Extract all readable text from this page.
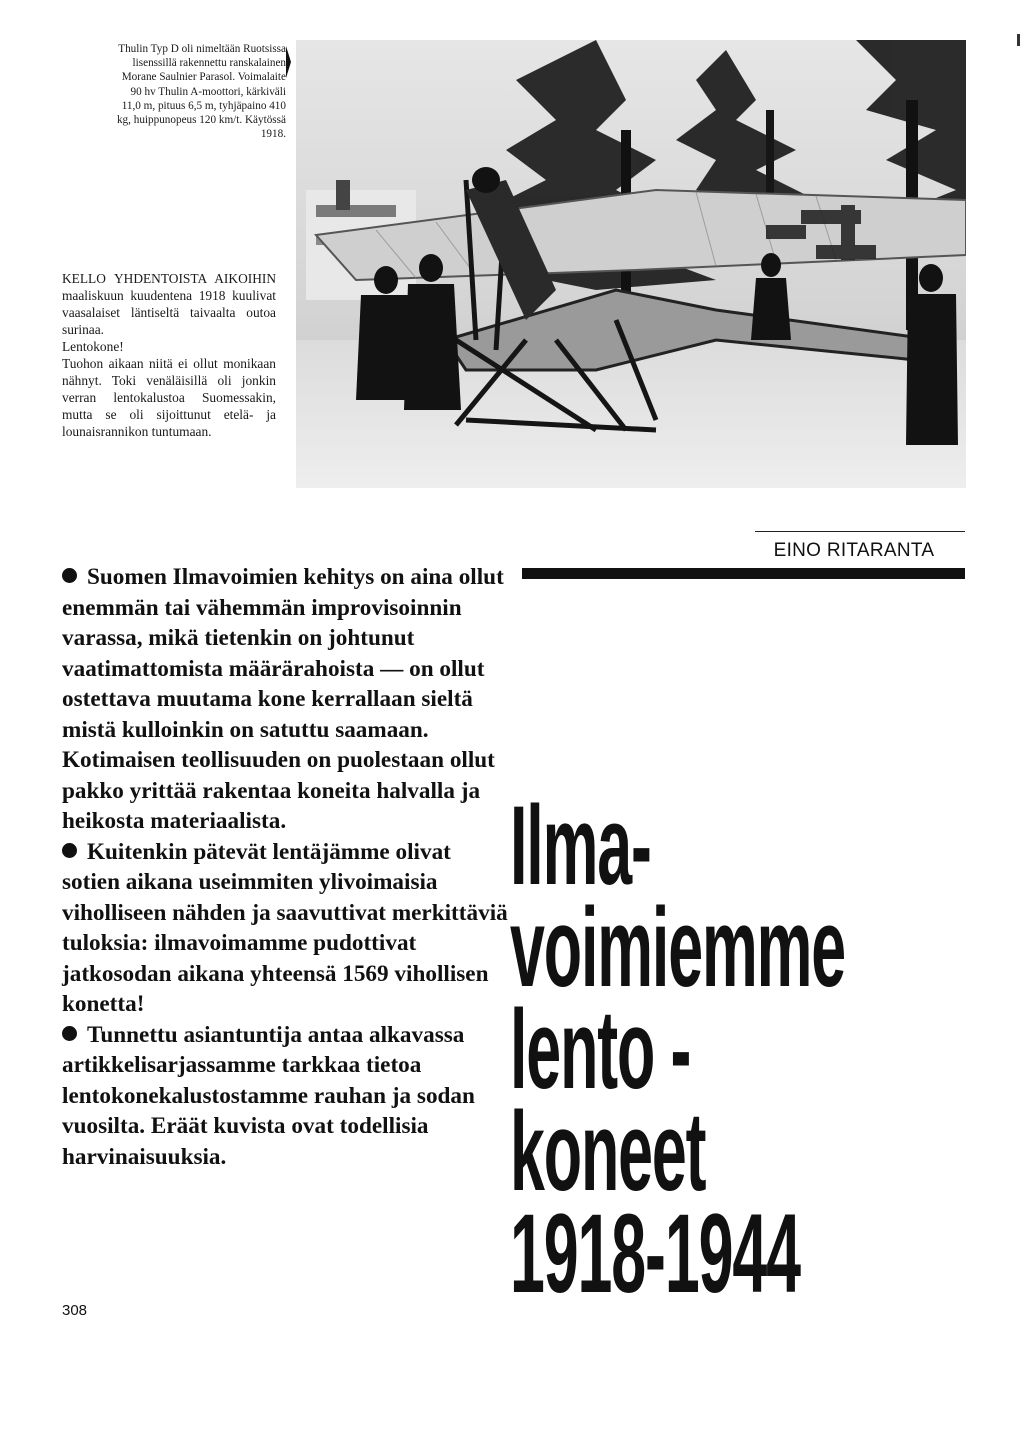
Thulin Typ D oli nimeltään Ruotsissa
lisenssillä rakennettu ranskalainen
Morane Saulnier Parasol. Voimalaite
90 hv Thulin A-moottori, kärkiväli
11,0 m, pituus 6,5 m, tyhjäpaino 410
kg, huippunopeus 120 km/t. Käytössä
1918.

KELLO YHDENTOISTA AIKOIHIN maaliskuun kuudentena 1918 kuulivat vaasalaiset läntiseltä taivaalta outoa surinaa.

Lentokone!

Tuohon aikaan niitä ei ollut monikaan nähnyt. Toki venäläisillä oli jonkin verran lentokalustoa Suomessakin, mutta se oli sijoittunut etelä- ja lounaisrannikon tuntumaan.

EINO RITARANTA

Suomen Ilmavoimien kehitys on aina ollut enemmän tai vähemmän improvisoinnin varassa, mikä tietenkin on johtunut vaatimattomista määrärahoista — on ollut ostettava muutama kone kerrallaan sieltä mistä kulloinkin on satuttu saamaan. Kotimaisen teollisuuden on puolestaan ollut pakko yrittää rakentaa koneita halvalla ja heikosta materiaalista.

Kuitenkin pätevät lentäjämme olivat sotien aikana useimmiten ylivoimaisia viholliseen nähden ja saavuttivat merkittäviä tuloksia: ilmavoimamme pudottivat jatkosodan aikana yhteensä 1569 vihollisen konetta!

Tunnettu asiantuntija antaa alkavassa artikkelisarjassamme tarkkaa tietoa lentokonekalustostamme rauhan ja sodan vuosilta. Eräät kuvista ovat todellisia harvinaisuuksia.

Ilma-
voimiemme
lento -
koneet
1918-1944
308
